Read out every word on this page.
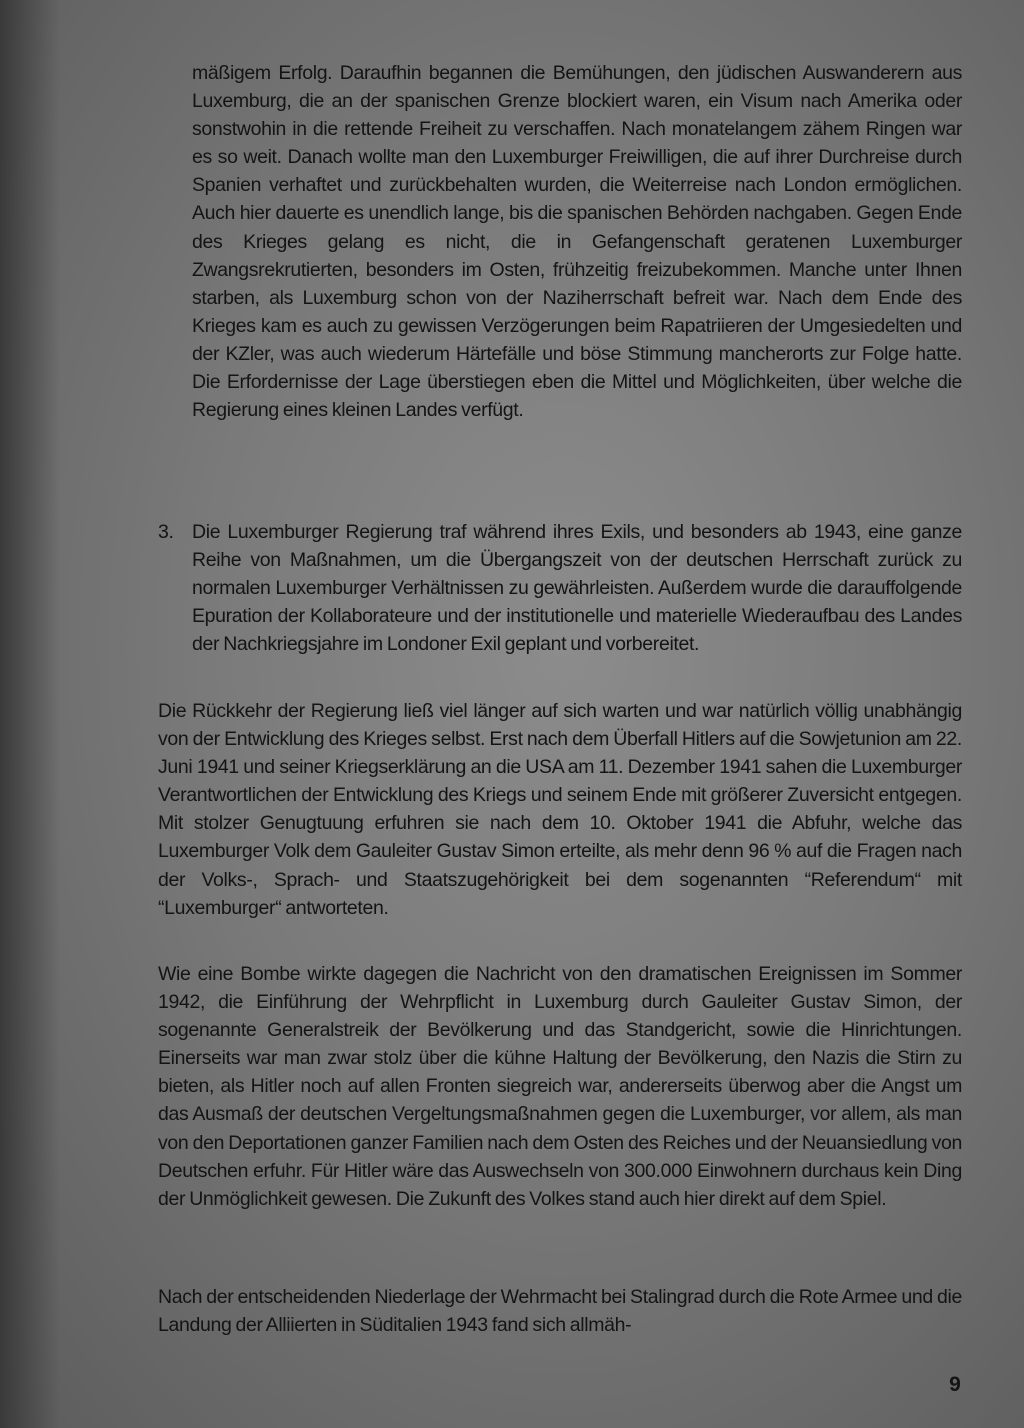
mäßigem Erfolg. Daraufhin begannen die Bemühungen, den jüdischen Auswanderern aus Luxemburg, die an der spanischen Grenze blockiert waren, ein Visum nach Amerika oder sonstwohin in die rettende Freiheit zu verschaffen. Nach monatelangem zähem Ringen war es so weit. Danach wollte man den Luxemburger Freiwilligen, die auf ihrer Durchreise durch Spanien verhaftet und zurückbehalten wurden, die Weiterreise nach London ermöglichen. Auch hier dauerte es unendlich lange, bis die spanischen Behörden nachgaben. Gegen Ende des Krieges gelang es nicht, die in Gefangenschaft geratenen Luxemburger Zwangsrekrutierten, besonders im Osten, frühzeitig freizubekommen. Manche unter Ihnen starben, als Luxemburg schon von der Naziherrschaft befreit war. Nach dem Ende des Krieges kam es auch zu gewissen Verzögerungen beim Rapatriieren der Umgesiedelten und der KZler, was auch wiederum Härtefälle und böse Stimmung mancherorts zur Folge hatte. Die Erfordernisse der Lage überstiegen eben die Mittel und Möglichkeiten, über welche die Regierung eines kleinen Landes verfügt.
3. Die Luxemburger Regierung traf während ihres Exils, und besonders ab 1943, eine ganze Reihe von Maßnahmen, um die Übergangszeit von der deutschen Herrschaft zurück zu normalen Luxemburger Verhältnissen zu gewährleisten. Außerdem wurde die darauffolgende Epuration der Kollaborateure und der institutionelle und materielle Wiederaufbau des Landes der Nachkriegsjahre im Londoner Exil geplant und vorbereitet.
Die Rückkehr der Regierung ließ viel länger auf sich warten und war natürlich völlig unabhängig von der Entwicklung des Krieges selbst. Erst nach dem Überfall Hitlers auf die Sowjetunion am 22. Juni 1941 und seiner Kriegserklärung an die USA am 11. Dezember 1941 sahen die Luxemburger Verantwortlichen der Entwicklung des Kriegs und seinem Ende mit größerer Zuversicht entgegen. Mit stolzer Genugtuung erfuhren sie nach dem 10. Oktober 1941 die Abfuhr, welche das Luxemburger Volk dem Gauleiter Gustav Simon erteilte, als mehr denn 96 % auf die Fragen nach der Volks-, Sprach- und Staatszugehörigkeit bei dem sogenannten “Referendum“ mit “Luxemburger“ antworteten.
Wie eine Bombe wirkte dagegen die Nachricht von den dramatischen Ereignissen im Sommer 1942, die Einführung der Wehrpflicht in Luxemburg durch Gauleiter Gustav Simon, der sogenannte Generalstreik der Bevölkerung und das Standgericht, sowie die Hinrichtungen. Einerseits war man zwar stolz über die kühne Haltung der Bevölkerung, den Nazis die Stirn zu bieten, als Hitler noch auf allen Fronten siegreich war, andererseits überwog aber die Angst um das Ausmaß der deutschen Vergeltungsmaßnahmen gegen die Luxemburger, vor allem, als man von den Deportationen ganzer Familien nach dem Osten des Reiches und der Neuansiedlung von Deutschen erfuhr. Für Hitler wäre das Auswechseln von 300.000 Einwohnern durchaus kein Ding der Unmöglichkeit gewesen. Die Zukunft des Volkes stand auch hier direkt auf dem Spiel.
Nach der entscheidenden Niederlage der Wehrmacht bei Stalingrad durch die Rote Armee und die Landung der Alliierten in Süditalien 1943 fand sich allmäh-
9
